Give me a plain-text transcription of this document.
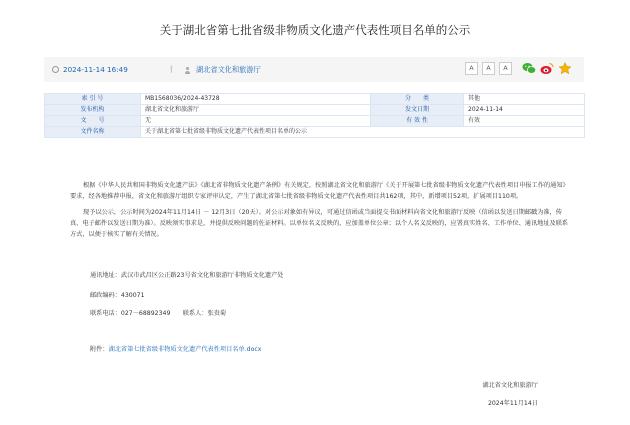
关于湖北省第七批省级非物质文化遗产代表性项目名单的公示
2024-11-14 16:49	|	湖北省文化和旅游厅	A	A	A
索 引 号	MB1568036/2024-43728	分　　类	其他
发布机构	湖北省文化和旅游厅	发文日期	2024-11-14
文　　号	无	有 效 性	有效
文件名称	关于湖北省第七批省级非物质文化遗产代表性项目名单的公示		

根据《中华人民共和国非物质文化遗产法》《湖北省非物质文化遗产条例》有关规定，按照湖北省文化和旅游厅《关于开展第七批省级非物质文化遗产代表性项目申报工作的通知》要求，经各地推荐申报，省文化和旅游厅组织专家评审认定，产生了湖北省第七批省级非物质文化遗产代表性项目共162项，其中，新增项目52项，扩展项目110项。

现予以公示，公示时间为2024年11月14日 － 12月3日（20天）。对公示对象如有异议，可通过信函或当面提交书面材料向省文化和旅游厅反映（信函以发送日期邮戳为准，传真、电子邮件以发送日期为准）。反映须实事求是，并提供反映问题的佐证材料。以单位名义反映的，应加盖单位公章；以个人名义反映的，应署真实姓名、工作单位、通讯地址及联系方式，以便于核实了解有关情况。

通讯地址：武汉市武昌区公正路23号省文化和旅游厅非物质文化遗产处
邮政编码：430071
联系电话：027－68892349　　联系人：张贵菊
附件：湖北省第七批省级非物质文化遗产代表性项目名单.docx
湖北省文化和旅游厅
2024年11月14日
